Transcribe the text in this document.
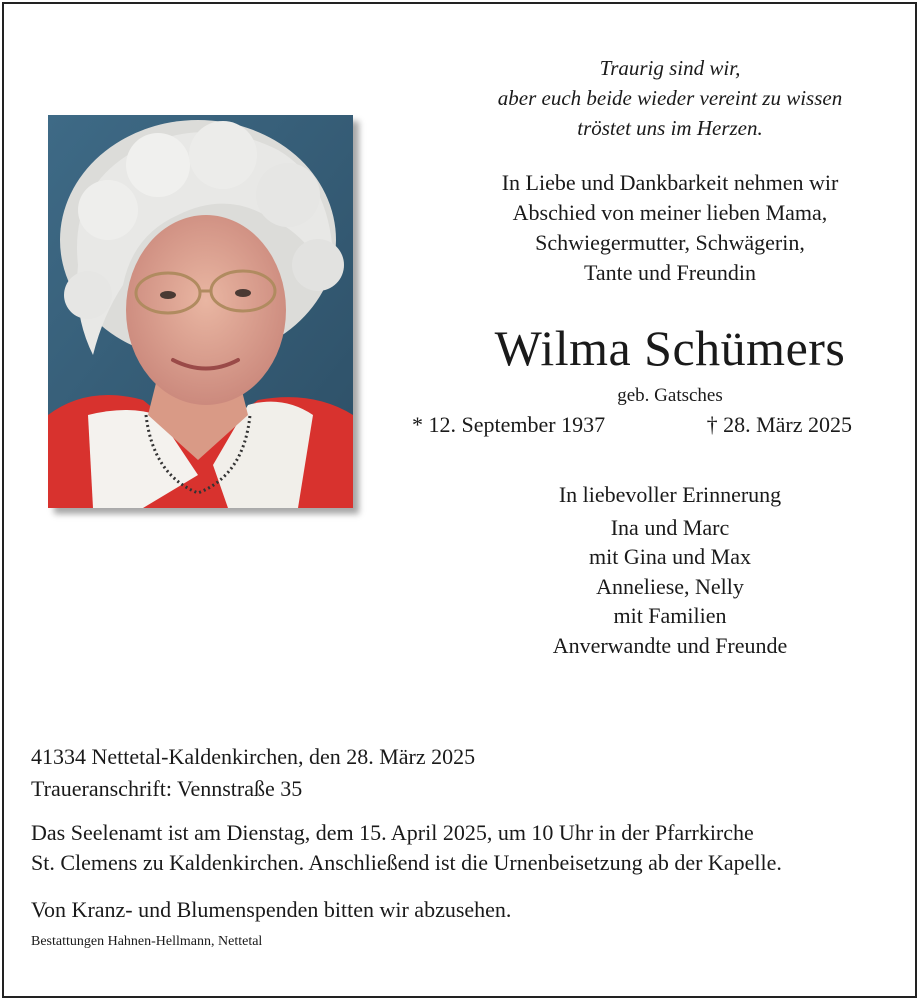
Traurig sind wir,
aber euch beide wieder vereint zu wissen
tröstet uns im Herzen.
In Liebe und Dankbarkeit nehmen wir
Abschied von meiner lieben Mama,
Schwiegermutter, Schwägerin,
Tante und Freundin
Wilma Schümers
geb. Gatsches
* 12. September 1937	† 28. März 2025
In liebevoller Erinnerung
Ina und Marc
mit Gina und Max
Anneliese, Nelly
mit Familien
Anverwandte und Freunde
41334 Nettetal-Kaldenkirchen, den 28. März 2025
Traueranschrift: Vennstraße 35
Das Seelenamt ist am Dienstag, dem 15. April 2025, um 10 Uhr in der Pfarrkirche
St. Clemens zu Kaldenkirchen. Anschließend ist die Urnenbeisetzung ab der Kapelle.
Von Kranz- und Blumenspenden bitten wir abzusehen.
Bestattungen Hahnen-Hellmann, Nettetal
